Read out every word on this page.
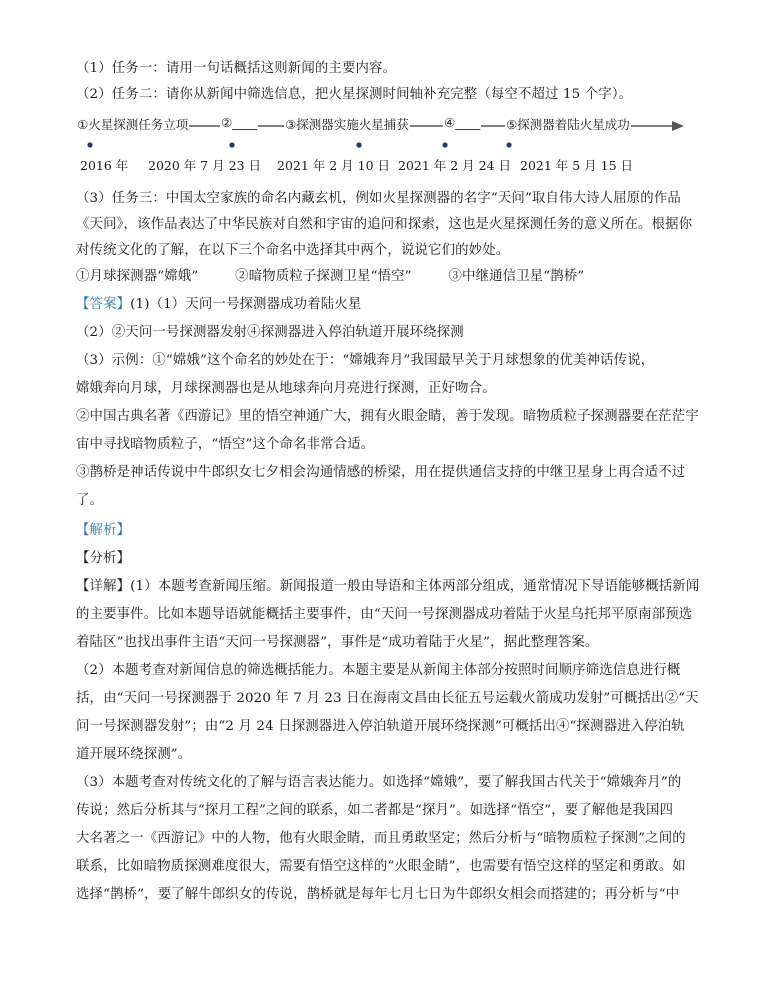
（1）任务一：请用一句话概括这则新闻的主要内容。
（2）任务二：请你从新闻中筛选信息，把火星探测时间轴补充完整（每空不超过 15 个字）。
①火星探测任务立项	②____ ③探测器实施火星捕获	④____ ⑤探测器着陆火星成功
2016 年 2020 年 7 月 23 日 2021 年 2 月 10 日 2021 年 2 月 24 日 2021 年 5 月 15 日
（3）任务三：中国太空家族的命名内藏玄机，例如火星探测器的名字“天问”取自伟大诗人屈原的作品
《天问》，该作品表达了中华民族对自然和宇宙的追问和探索，这也是火星探测任务的意义所在。根据你
对传统文化的了解，在以下三个命名中选择其中两个，说说它们的妙处。
①月球探测器“嫦娥”	②暗物质粒子探测卫星“悟空”	③中继通信卫星“鹊桥”
【答案】(1)（1）天问一号探测器成功着陆火星
（2）②天问一号探测器发射④探测器进入停泊轨道开展环绕探测
（3）示例：①“嫦娥”这个命名的妙处在于：“嫦娥奔月”我国最早关于月球想象的优美神话传说，
嫦娥奔向月球，月球探测器也是从地球奔向月亮进行探测，正好吻合。
②中国古典名著《西游记》里的悟空神通广大，拥有火眼金睛，善于发现。暗物质粒子探测器要在茫茫宇
宙中寻找暗物质粒子，“悟空”这个命名非常合适。
③鹊桥是神话传说中牛郎织女七夕相会沟通情感的桥梁，用在提供通信支持的中继卫星身上再合适不过
了。
【解析】
【分析】
【详解】(1）本题考查新闻压缩。新闻报道一般由导语和主体两部分组成，通常情况下导语能够概括新闻
的主要事件。比如本题导语就能概括主要事件，由“天问一号探测器成功着陆于火星乌托邦平原南部预选
着陆区”也找出事件主语“天问一号探测器”，事件是“成功着陆于火星”，据此整理答案。
（2）本题考查对新闻信息的筛选概括能力。本题主要是从新闻主体部分按照时间顺序筛选信息进行概
括，由“天问一号探测器于 2020 年 7 月 23 日在海南文昌由长征五号运载火箭成功发射”可概括出②“天
问一号探测器发射”；由“2 月 24 日探测器进入停泊轨道开展环绕探测”可概括出④“探测器进入停泊轨
道开展环绕探测”。
（3）本题考查对传统文化的了解与语言表达能力。如选择“嫦娥”，要了解我国古代关于“嫦娥奔月”的
传说；然后分析其与“探月工程”之间的联系，如二者都是“探月”。如选择“悟空”，要了解他是我国四
大名著之一《西游记》中的人物，他有火眼金睛，而且勇敢坚定；然后分析与“暗物质粒子探测”之间的
联系，比如暗物质探测难度很大，需要有悟空这样的“火眼金睛”，也需要有悟空这样的坚定和勇敢。如
选择“鹊桥”，要了解牛郎织女的传说，鹊桥就是每年七月七日为牛郎织女相会而搭建的；再分析与“中
